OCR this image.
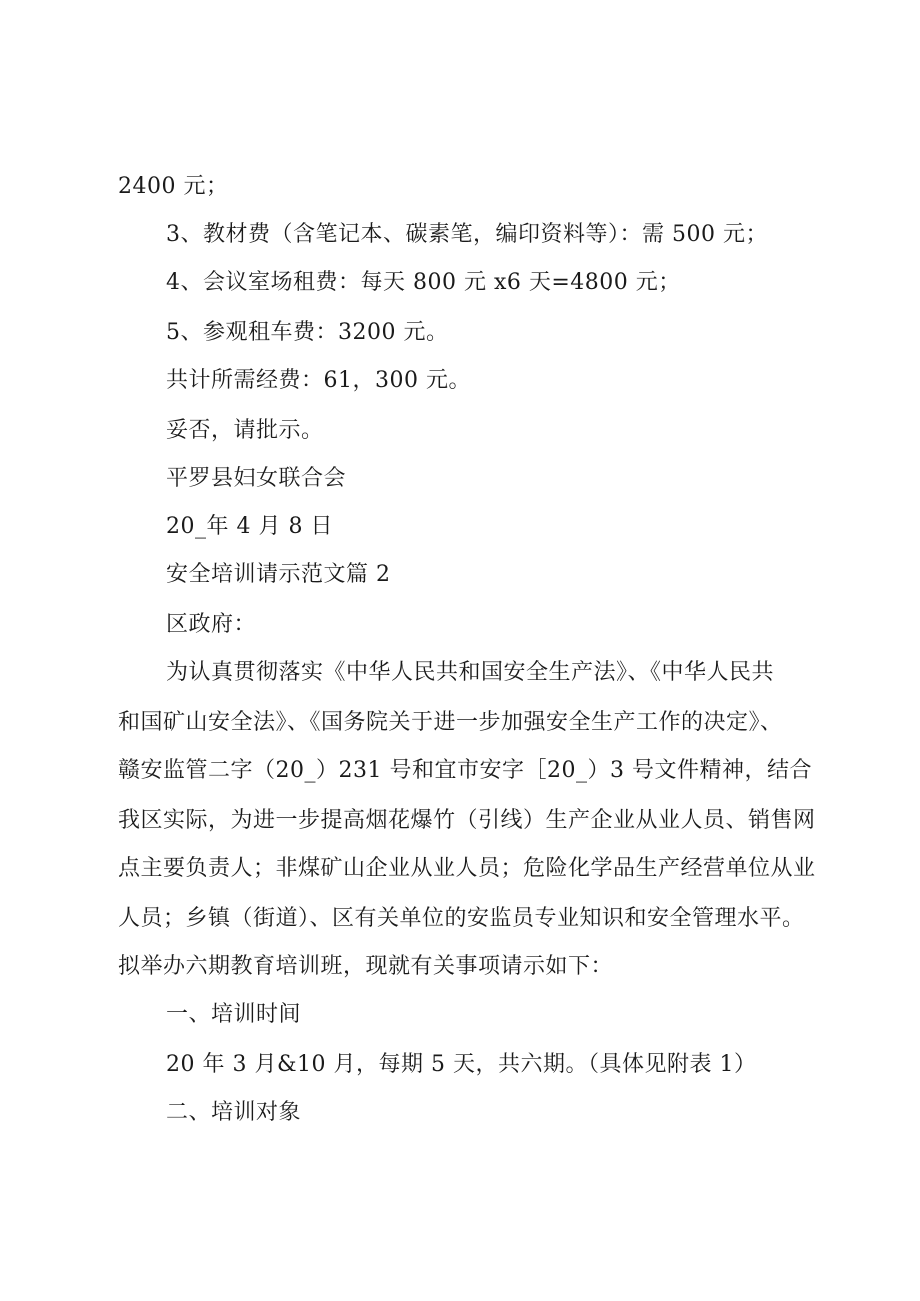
2400 元；
3、教材费（含笔记本、碳素笔，编印资料等）：需 500 元；
4、会议室场租费：每天 800 元 x6 天=4800 元；
5、参观租车费：3200 元。
共计所需经费：61，300 元。
妥否，请批示。
平罗县妇女联合会
20_年 4 月 8 日
安全培训请示范文篇 2
区政府：
为认真贯彻落实《中华人民共和国安全生产法》、《中华人民共
和国矿山安全法》、《国务院关于进一步加强安全生产工作的决定》、
赣安监管二字（20_）231 号和宜市安字［20_）3 号文件精神，结合
我区实际，为进一步提高烟花爆竹（引线）生产企业从业人员、销售网
点主要负责人；非煤矿山企业从业人员；危险化学品生产经营单位从业
人员；乡镇（街道）、区有关单位的安监员专业知识和安全管理水平。
拟举办六期教育培训班，现就有关事项请示如下：
一、培训时间
20 年 3 月&10 月，每期 5 天，共六期。（具体见附表 1）
二、培训对象
